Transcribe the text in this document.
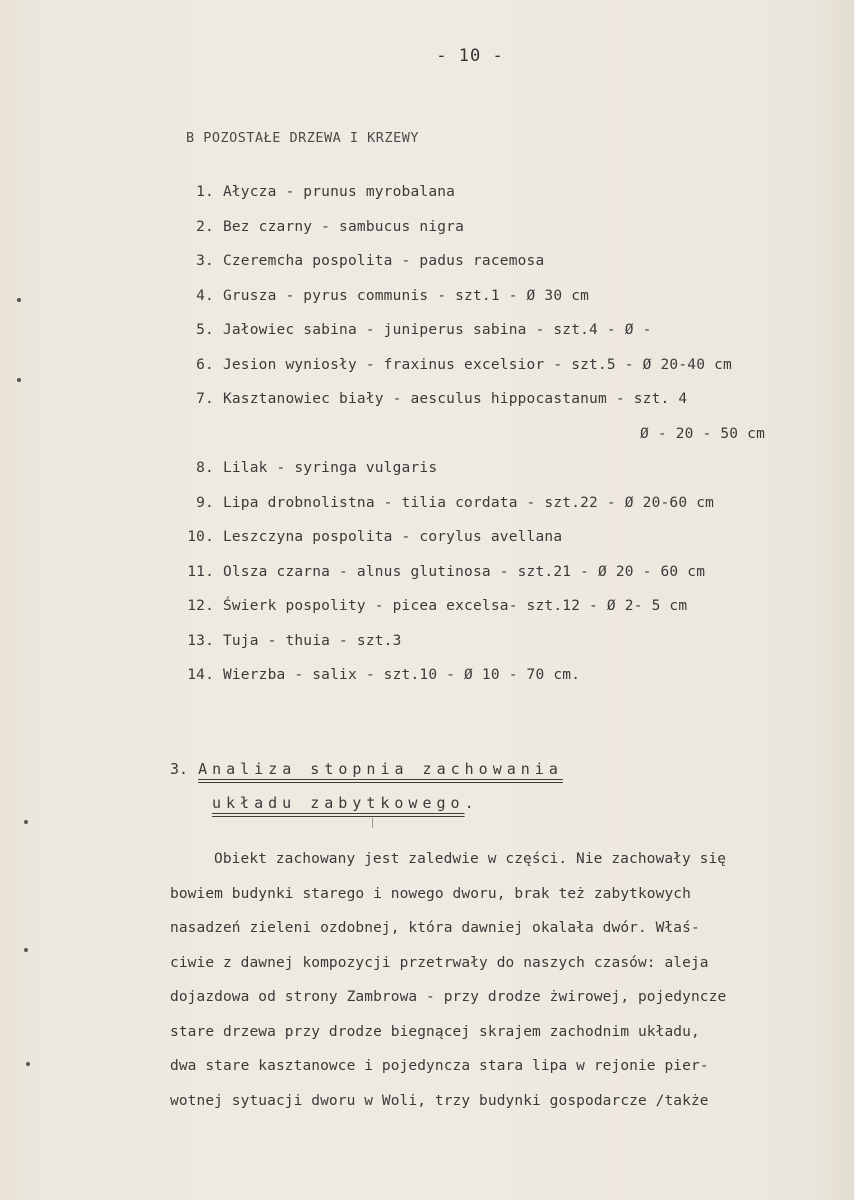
- 10 -
B POZOSTAŁE DRZEWA I KRZEWY
1. Ałycza - prunus myrobalana
2. Bez czarny - sambucus nigra
3. Czeremcha pospolita - padus racemosa
4. Grusza - pyrus communis - szt.1 - Ø 30 cm
5. Jałowiec sabina - juniperus sabina - szt.4 - Ø -
6. Jesion wyniosły - fraxinus excelsior - szt.5 - Ø 20-40 cm
7. Kasztanowiec biały - aesculus hippocastanum - szt. 4
Ø - 20 - 50 cm
8. Lilak - syringa vulgaris
9. Lipa drobnolistna - tilia cordata - szt.22 - Ø 20-60 cm
10. Leszczyna pospolita - corylus avellana
11. Olsza czarna - alnus glutinosa - szt.21 - Ø 20 - 60 cm
12. Świerk pospolity - picea excelsa- szt.12 - Ø 2- 5 cm
13. Tuja - thuia - szt.3
14. Wierzba - salix - szt.10 - Ø 10 - 70 cm.
3. Analiza stopnia zachowania
układu zabytkowego.
Obiekt zachowany jest zaledwie w części. Nie zachowały się
bowiem budynki starego i nowego dworu, brak też zabytkowych
nasadzeń zieleni ozdobnej, która dawniej okalała dwór. Właś-
ciwie z dawnej kompozycji przetrwały do naszych czasów: aleja
dojazdowa od strony Zambrowa - przy drodze żwirowej, pojedyncze
stare drzewa przy drodze biegnącej skrajem zachodnim układu,
dwa stare kasztanowce i pojedyncza stara lipa w rejonie pier-
wotnej sytuacji dworu w Woli, trzy budynki gospodarcze /także
